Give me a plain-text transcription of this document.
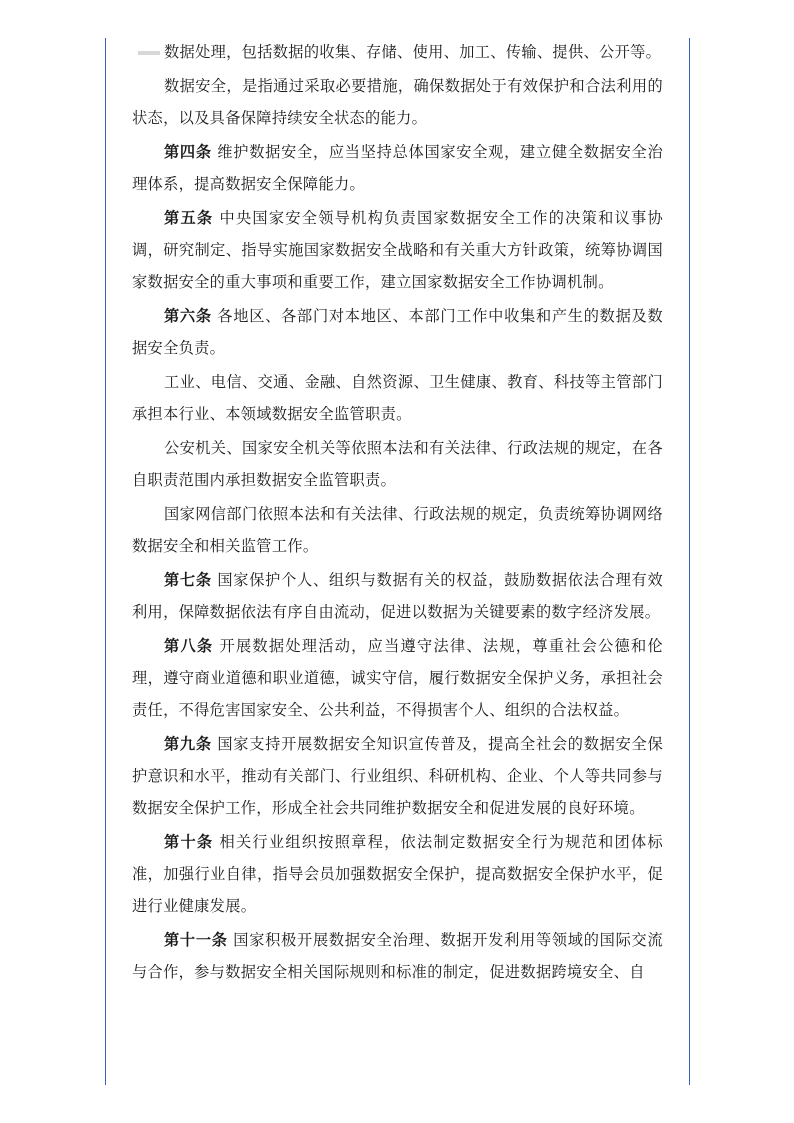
数据处理，包括数据的收集、存储、使用、加工、传输、提供、公开等。

数据安全，是指通过采取必要措施，确保数据处于有效保护和合法利用的状态，以及具备保障持续安全状态的能力。

第四条 维护数据安全，应当坚持总体国家安全观，建立健全数据安全治理体系，提高数据安全保障能力。

第五条 中央国家安全领导机构负责国家数据安全工作的决策和议事协调，研究制定、指导实施国家数据安全战略和有关重大方针政策，统筹协调国家数据安全的重大事项和重要工作，建立国家数据安全工作协调机制。

第六条 各地区、各部门对本地区、本部门工作中收集和产生的数据及数据安全负责。

工业、电信、交通、金融、自然资源、卫生健康、教育、科技等主管部门承担本行业、本领域数据安全监管职责。

公安机关、国家安全机关等依照本法和有关法律、行政法规的规定，在各自职责范围内承担数据安全监管职责。

国家网信部门依照本法和有关法律、行政法规的规定，负责统筹协调网络数据安全和相关监管工作。

第七条 国家保护个人、组织与数据有关的权益，鼓励数据依法合理有效利用，保障数据依法有序自由流动，促进以数据为关键要素的数字经济发展。

第八条 开展数据处理活动，应当遵守法律、法规，尊重社会公德和伦理，遵守商业道德和职业道德，诚实守信，履行数据安全保护义务，承担社会责任，不得危害国家安全、公共利益，不得损害个人、组织的合法权益。

第九条 国家支持开展数据安全知识宣传普及，提高全社会的数据安全保护意识和水平，推动有关部门、行业组织、科研机构、企业、个人等共同参与数据安全保护工作，形成全社会共同维护数据安全和促进发展的良好环境。

第十条 相关行业组织按照章程，依法制定数据安全行为规范和团体标准，加强行业自律，指导会员加强数据安全保护，提高数据安全保护水平，促进行业健康发展。

第十一条 国家积极开展数据安全治理、数据开发利用等领域的国际交流与合作，参与数据安全相关国际规则和标准的制定，促进数据跨境安全、自
